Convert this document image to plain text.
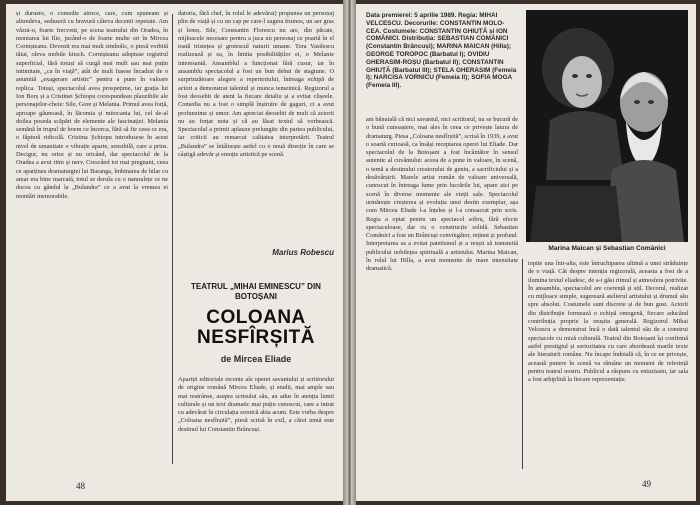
și duruere, o comedie atroce, care, cum spuneam și altundeva, seduseră cu bravură câteva decenii repetate. Am văzut-o, foarte frecvent, pe scena teatrului din Oradea, în montarea lui Ilie, jucând-o de foarte multe ori în Mircea Cornișteanu. Devenit era mai mult simbolic, o piesă vorbită tăiat, oleva mobile kitsch. Cornișteanu adoptase registrul superficial, fără totuși să curgă mai mult sau mai puțin intimitate, „ca în viață”, atât de mult fusese încadrat de o anumită „exagerare artistic” pentru a pune în valoare replica. Totuși, spectacolul avea prospețime, iar grația lui Ion Borș și a Cristinei Șchiopu corespundeau plauzibile ale personajelor-cheie: Sile, Gore și Melania. Primul avea forță, aproape găunoasă, în lăcomia și mitocania lui, cel de-al doilea poseda scăpări de elemente ale fascinației. Melania semănă în trupul de boem ce încerca, fără să fie ceea ce era, o făptură ridicolă. Cristina Șchiopu introdusese în acest nivel de umanitate o vibrație aparte, sensibilă, care a prins. Decigur, nu orice și nu oricând, dar spectacolul de la Oradea a avut ritm și nerv. Crescând tot mai pregnant, ceea ce aparținea dramaturgiei lui Baranga, îmbinarea de hilar cu amar era bine marcată, totul se derula cu o naturalețe ce ne ducea cu gândul la „Bulandra” ce a avut la vremea ei montări memorabile.

datoria, fără chef, în rolul le adevărat) propunea un personaj plin de viață și cu un cap pe care-l sugera frumos, un aer gras și leneș. Sile, Constantin Florescu nu are, din păcate, mijloacele necesare pentru a juca un personaj ce poartă în el toată tristețea și grotescul naturii umane. Tora Vasilescu realizează și ea, în limita posibilităților ei, o Melanie interesantă. Ansamblul a funcționat fără cusur, iar în ansamblu spectacolul a fost un bun debut de stagiune. O surprinzătoare alegere a repertoriului, întreaga echipă de actori a demonstrat talentul și munca temeinică. Regizorul a fost deosebit de atent la fiecare detaliu și a evitat clișeele. Comedia nu a fost o simplă înșiruire de gaguri, ci a avut profunzime și umor. Am apreciat deosebit de mult că actorii nu au forțat nota și că au lăsat textul să vorbească. Spectacolul a primit aplauze prelungite din partea publicului, iar criticii au remarcat calitatea interpretării. Teatrul „Bulandra” se întâlnește astfel cu o nouă direcție în care se câștigă adevăr și emoție artistică pe scenă.

Marius Robescu
TEATRUL „MIHAI EMINESCU” DIN BOTOȘANI
COLOANA
NESFÎRȘITĂ
de Mircea Eliade

Apariții editoriale recente ale operei savantului și scriitorului de origine română Mircea Eliade, și studii, mai ample sau mai restrânse, asupra scrisului său, au adus în atenția lumii culturale și un text dramatic mai puțin cunoscut, care a intrat cu adevărat în circulația scenică abia acum. Este vorba despre „Coloana nesfîrșită”, piesă scrisă în exil, a cărei temă este destinul lui Constantin Brâncuși.

48
Data premierei: 5 aprilie 1989. Regia: MIHAI VELCESCU. Decorurile: CONSTANTIN MOLO-CEA. Costumele: CONSTANTIN GHIUȚĂ și ION COMĂNICI. Distribuția: SEBASTIAN COMĂNICI (Constantin Brâncuși); MARINA MAICAN (Hilla); GEORGE TOROPOC (Barbatul I); OVIDIU GHERASIM-ROȘU (Barbatul II); CONSTANTIN GHIUȚĂ (Barbatul III); STELA GHERASIM (Femeia I); NARCISA VORNICU (Femeia II); SOFIA MOGA (Femeia III).
Marina Maican și Sebastian Comănici

am bănuială că nici savantul, nici scriitorul, nu se bucură de o bună cunoaștere, mai ales în ceea ce privește latura de dramaturg. Piesa „Coloana nesfîrșită”, scrisă în 1939, a avut o soartă curioasă, ca însăși receptarea operei lui Eliade. Dar spectacolul de la Botoșani a fost încântător în sensul autentic al cuvântului: aceea de a pune în valoare, în scenă, o temă a destinului creatorului de geniu, a sacrificiului și a desăvârșirii. Marele artist român de valoare universală, cunoscut în întreaga lume prin lucrările lui, apare aici pe scenă în diverse momente ale vieții sale. Spectacolul urmărește creșterea și evoluția unui destin exemplar, așa cum Mircea Eliade l-a înțeles și l-a consacrat prin scris. Regia a optat pentru un spectacol sobru, fără efecte spectaculoase, dar cu o construcție solidă. Sebastian Comănici a fost un Brâncuși convingător, reținut și profund. Interpretarea sa a evitat patetismul și a reușit să transmită publicului nobilețea spirituală a artistului. Marina Maican, în rolul lui Hilla, a avut momente de mare intensitate dramatică.

topite una într-alta, este întruchiparea ultimă a unei străduințe de o viață. Cât despre intenția regizorală, aceasta a fost de a ilumina textul eliadesc, de a-i găsi ritmul și atmosfera potrivite. În ansamblu, spectacolul are coerență și stil. Decorul, realizat cu mijloace simple, sugerează atelierul artistului și drumul său spre absolut. Costumele sunt discrete și de bun gust. Actorii din distribuție formează o echipă omogenă, fiecare aducând contribuția proprie la reușita generală. Regizorul Mihai Velcescu a demonstrat încă o dată talentul său de a construi spectacole cu miză culturală. Teatrul din Botoșani își confirmă astfel prestigiul și seriozitatea cu care abordează marile texte ale literaturii române. Nu încape îndoială că, în ce ne privește, această punere în scenă va rămâne un moment de referință pentru teatrul nostru. Publicul a răspuns cu entuziasm, iar sala a fost arhiplină la fiecare reprezentație.

49
